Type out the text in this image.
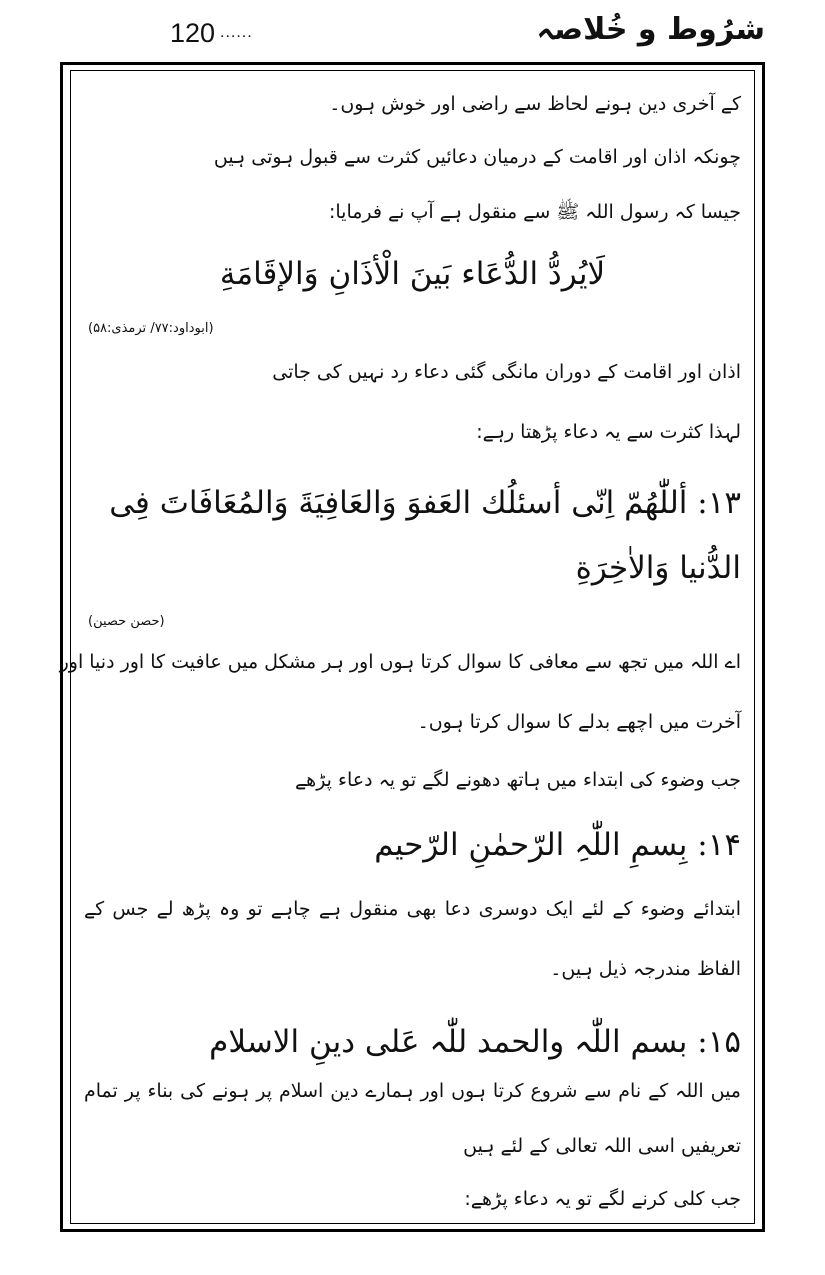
120 ......	شرُوط و خُلاصہ
کے آخری دین ہونے لحاظ سے راضی اور خوش ہوں۔
چونکہ اذان اور اقامت کے درمیان دعائیں کثرت سے قبول ہوتی ہیں
جیسا کہ رسول اللہ ﷺ سے منقول ہے آپ نے فرمایا:
لَایُردُّ الدُّعَاء بَینَ الْأذَانِ وَالإقَامَةِ
(ابوداود:۷۷/ ترمذی:۵۸)
اذان اور اقامت کے دوران مانگی گئی دعاء رد نہیں کی جاتی
لہذا کثرت سے یہ دعاء پڑھتا رہے:
۱۳: أللّٰھُمّ اِنّی أسئلُك العَفوَ وَالعَافِیَةَ وَالمُعَافَاتَ فِی
الدُّنیا وَالاٰخِرَةِ
(حصن حصین)
اے اللہ میں تجھ سے معافی کا سوال کرتا ہوں اور ہر مشکل میں عافیت کا اور دنیا اور
آخرت میں اچھے بدلے کا سوال کرتا ہوں۔
جب وضوء کی ابتداء میں ہاتھ دھونے لگے تو یہ دعاء پڑھے
۱۴: بِسمِ اللّٰہِ الرّحمٰنِ الرّحیم
ابتدائے وضوء کے لئے ایک دوسری دعا بھی منقول ہے چاہے تو وہ پڑھ لے جس کے
الفاظ مندرجہ ذیل ہیں۔
۱۵: بسم اللّٰہ والحمد للّٰہ عَلی دینِ الاسلام
میں اللہ کے نام سے شروع کرتا ہوں اور ہمارے دین اسلام پر ہونے کی بناء پر تمام
تعریفیں اسی اللہ تعالی کے لئے ہیں
جب کلی کرنے لگے تو یہ دعاء پڑھے:
